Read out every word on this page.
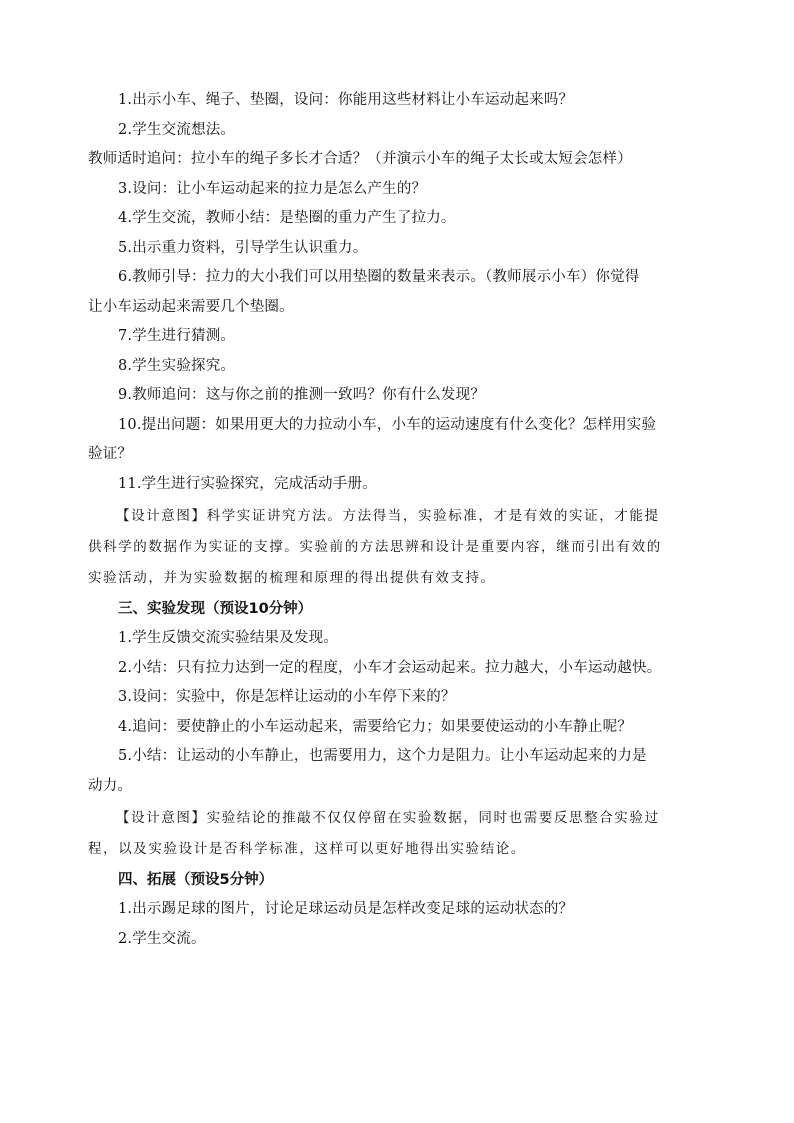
1.出示小车、绳子、垫圈，设问：你能用这些材料让小车运动起来吗？
2.学生交流想法。
教师适时追问：拉小车的绳子多长才合适？（并演示小车的绳子太长或太短会怎样）
3.设问：让小车运动起来的拉力是怎么产生的？
4.学生交流，教师小结：是垫圈的重力产生了拉力。
5.出示重力资料，引导学生认识重力。
6.教师引导：拉力的大小我们可以用垫圈的数量来表示。（教师展示小车）你觉得
让小车运动起来需要几个垫圈。
7.学生进行猜测。
8.学生实验探究。
9.教师追问：这与你之前的推测一致吗？你有什么发现？
10.提出问题：如果用更大的力拉动小车，小车的运动速度有什么变化？怎样用实验
验证？
11.学生进行实验探究，完成活动手册。
【设计意图】科学实证讲究方法。方法得当，实验标准，才是有效的实证，才能提
供科学的数据作为实证的支撑。实验前的方法思辨和设计是重要内容，继而引出有效的
实验活动，并为实验数据的梳理和原理的得出提供有效支持。
三、实验发现（预设10分钟）
1.学生反馈交流实验结果及发现。
2.小结：只有拉力达到一定的程度，小车才会运动起来。拉力越大，小车运动越快。
3.设问：实验中，你是怎样让运动的小车停下来的？
4.追问：要使静止的小车运动起来，需要给它力；如果要使运动的小车静止呢？
5.小结：让运动的小车静止，也需要用力，这个力是阻力。让小车运动起来的力是
动力。
【设计意图】实验结论的推敲不仅仅停留在实验数据，同时也需要反思整合实验过
程，以及实验设计是否科学标准，这样可以更好地得出实验结论。
四、拓展（预设5分钟）
1.出示踢足球的图片，讨论足球运动员是怎样改变足球的运动状态的？
2.学生交流。
